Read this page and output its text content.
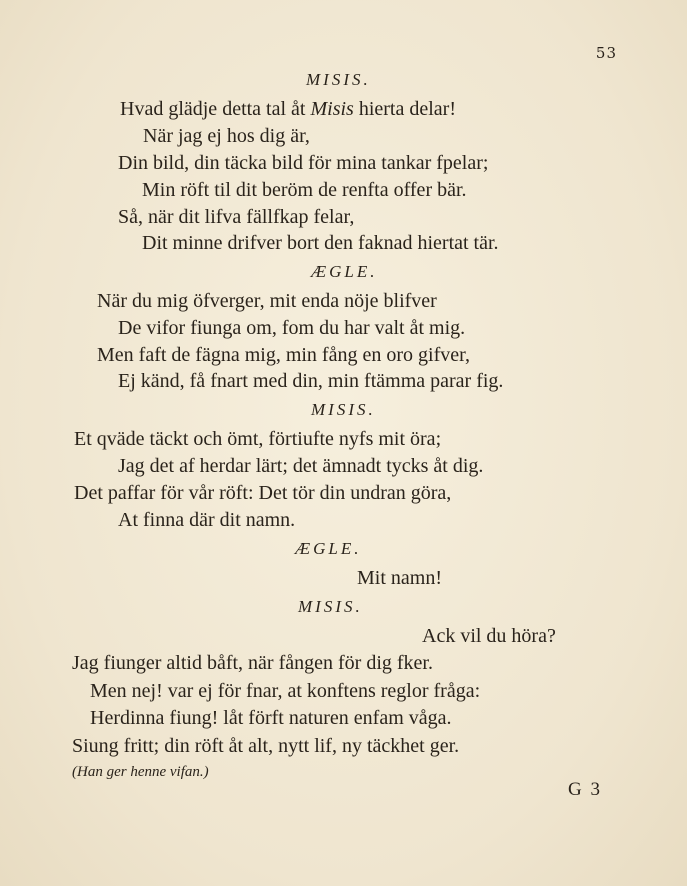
53
MISIS.
Hvad glädje detta tal åt Misis hierta delar!
När jag ej hos dig är,
Din bild, din täcka bild för mina tankar fpelar;
Min röft til dit beröm de renfta offer bär.
Så, när dit lifva fällfkap felar,
Dit minne drifver bort den faknad hiertat tär.
ÆGLE.
När du mig öfverger, mit enda nöje blifver
De vifor fiunga om, fom du har valt åt mig.
Men faft de fägna mig, min fång en oro gifver,
Ej känd, få fnart med din, min ftämma parar fig.
MISIS.
Et qväde täckt och ömt, förtiufte nyfs mit öra;
Jag det af herdar lärt; det ämnadt tycks åt dig.
Det paffar för vår röft: Det tör din undran göra,
At finna där dit namn.
ÆGLE.
Mit namn!
MISIS.
Ack vil du höra?
Jag fiunger altid båft, när fången för dig fker.
Men nej! var ej för fnar, at konftens reglor fråga:
Herdinna fiung! låt förft naturen enfam våga.
Siung fritt; din röft åt alt, nytt lif, ny täckhet ger.
(Han ger henne vifan.)
G 3
